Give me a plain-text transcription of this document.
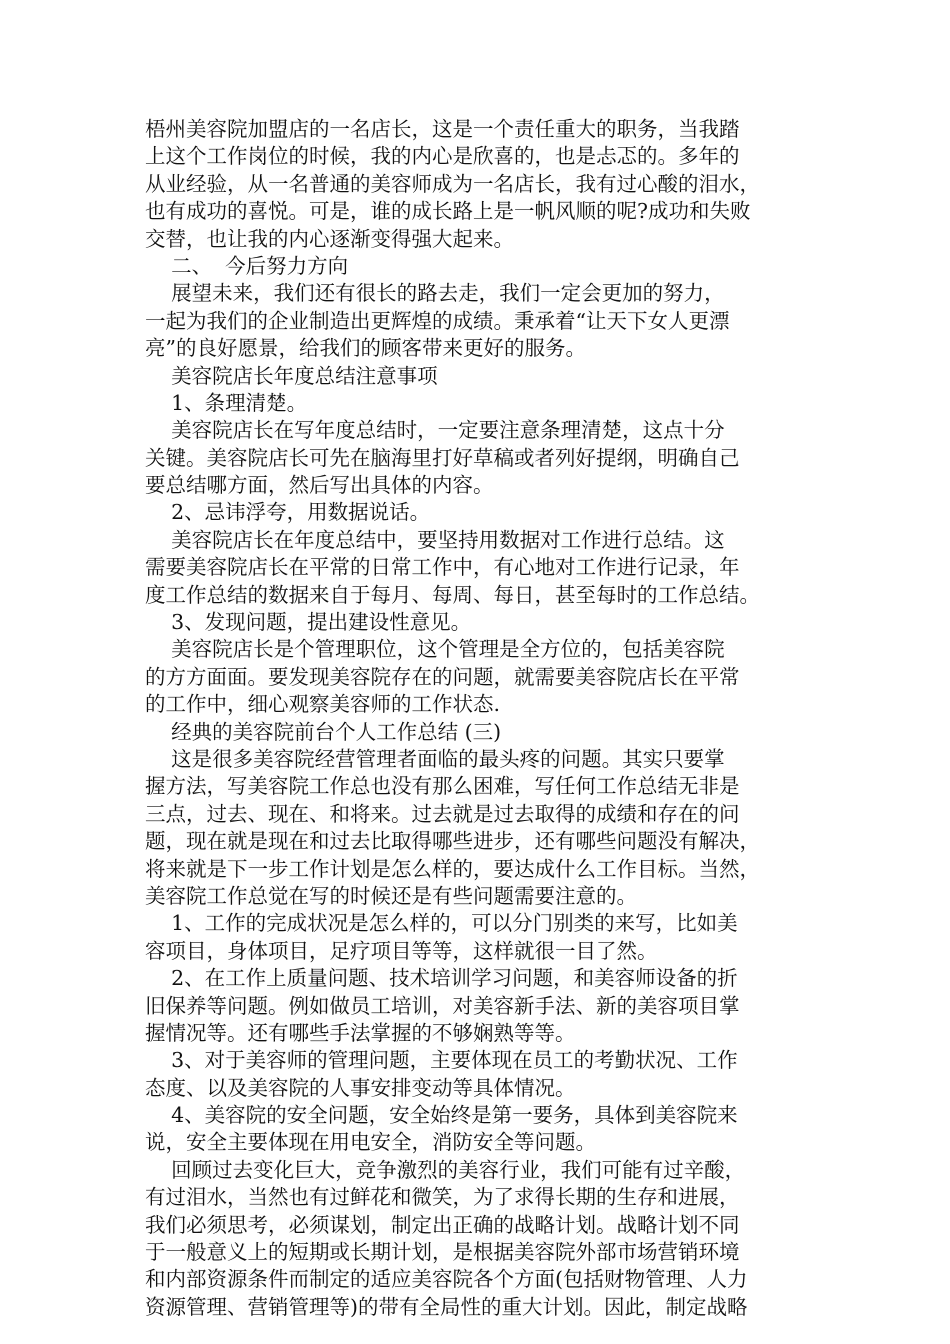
梧州美容院加盟店的一名店长，这是一个责任重大的职务，当我踏
上这个工作岗位的时候，我的内心是欣喜的，也是忐忑的。多年的
从业经验，从一名普通的美容师成为一名店长，我有过心酸的泪水，
也有成功的喜悦。可是，谁的成长路上是一帆风顺的呢?成功和失败
交替，也让我的内心逐渐变得强大起来。
二、  今后努力方向
展望未来，我们还有很长的路去走，我们一定会更加的努力，
一起为我们的企业制造出更辉煌的成绩。秉承着“让天下女人更漂
亮”的良好愿景，给我们的顾客带来更好的服务。
美容院店长年度总结注意事项
1、条理清楚。
美容院店长在写年度总结时，一定要注意条理清楚，这点十分
关键。美容院店长可先在脑海里打好草稿或者列好提纲，明确自己
要总结哪方面，然后写出具体的内容。
2、忌讳浮夸，用数据说话。
美容院店长在年度总结中，要坚持用数据对工作进行总结。这
需要美容院店长在平常的日常工作中，有心地对工作进行记录，年
度工作总结的数据来自于每月、每周、每日，甚至每时的工作总结。
3、发现问题，提出建设性意见。
美容院店长是个管理职位，这个管理是全方位的，包括美容院
的方方面面。要发现美容院存在的问题，就需要美容院店长在平常
的工作中，细心观察美容师的工作状态.
经典的美容院前台个人工作总结 (三)
这是很多美容院经营管理者面临的最头疼的问题。其实只要掌
握方法，写美容院工作总也没有那么困难，写任何工作总结无非是
三点，过去、现在、和将来。过去就是过去取得的成绩和存在的问
题，现在就是现在和过去比取得哪些进步，还有哪些问题没有解决，
将来就是下一步工作计划是怎么样的，要达成什么工作目标。当然，
美容院工作总觉在写的时候还是有些问题需要注意的。
1、工作的完成状况是怎么样的，可以分门别类的来写，比如美
容项目，身体项目，足疗项目等等，这样就很一目了然。
2、在工作上质量问题、技术培训学习问题，和美容师设备的折
旧保养等问题。例如做员工培训，对美容新手法、新的美容项目掌
握情况等。还有哪些手法掌握的不够娴熟等等。
3、对于美容师的管理问题，主要体现在员工的考勤状况、工作
态度、以及美容院的人事安排变动等具体情况。
4、美容院的安全问题，安全始终是第一要务，具体到美容院来
说，安全主要体现在用电安全，消防安全等问题。
回顾过去变化巨大，竞争激烈的美容行业，我们可能有过辛酸，
有过泪水，当然也有过鲜花和微笑，为了求得长期的生存和进展，
我们必须思考，必须谋划，制定出正确的战略计划。战略计划不同
于一般意义上的短期或长期计划，是根据美容院外部市场营销环境
和内部资源条件而制定的适应美容院各个方面(包括财物管理、人力
资源管理、营销管理等)的带有全局性的重大计划。因此，制定战略
